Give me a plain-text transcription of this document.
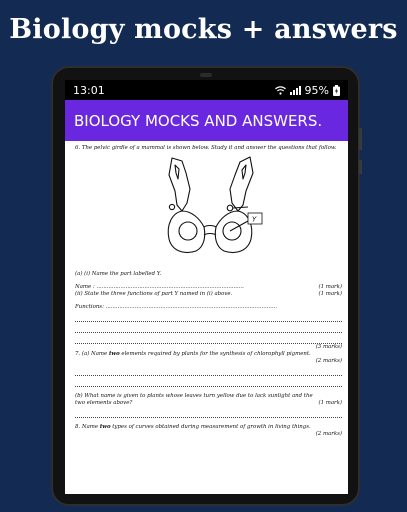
Biology mocks + answers
13:01	95%
BIOLOGY MOCKS AND ANSWERS.

6. The pelvic girdle of a mammal is shown below. Study it and answer the questions that follow.

Y

(a) (i) Name the part labelled Y.

Name : ......................................................................................	(1 mark)
(ii) State the three functions of part Y named in (i) above.	(1 mark)
Functions: ....................................................................................................
(3 marks)

7. (a) Name two elements required by plants for the synthesis of chlorophyll pigment.

(2 marks)
(b) What name is given to plants whose leaves turn yellow due to lack sunlight and the two elements above?	(1 mark)

8. Name two types of curves obtained during measurement of growth in living things.

(2 marks)
